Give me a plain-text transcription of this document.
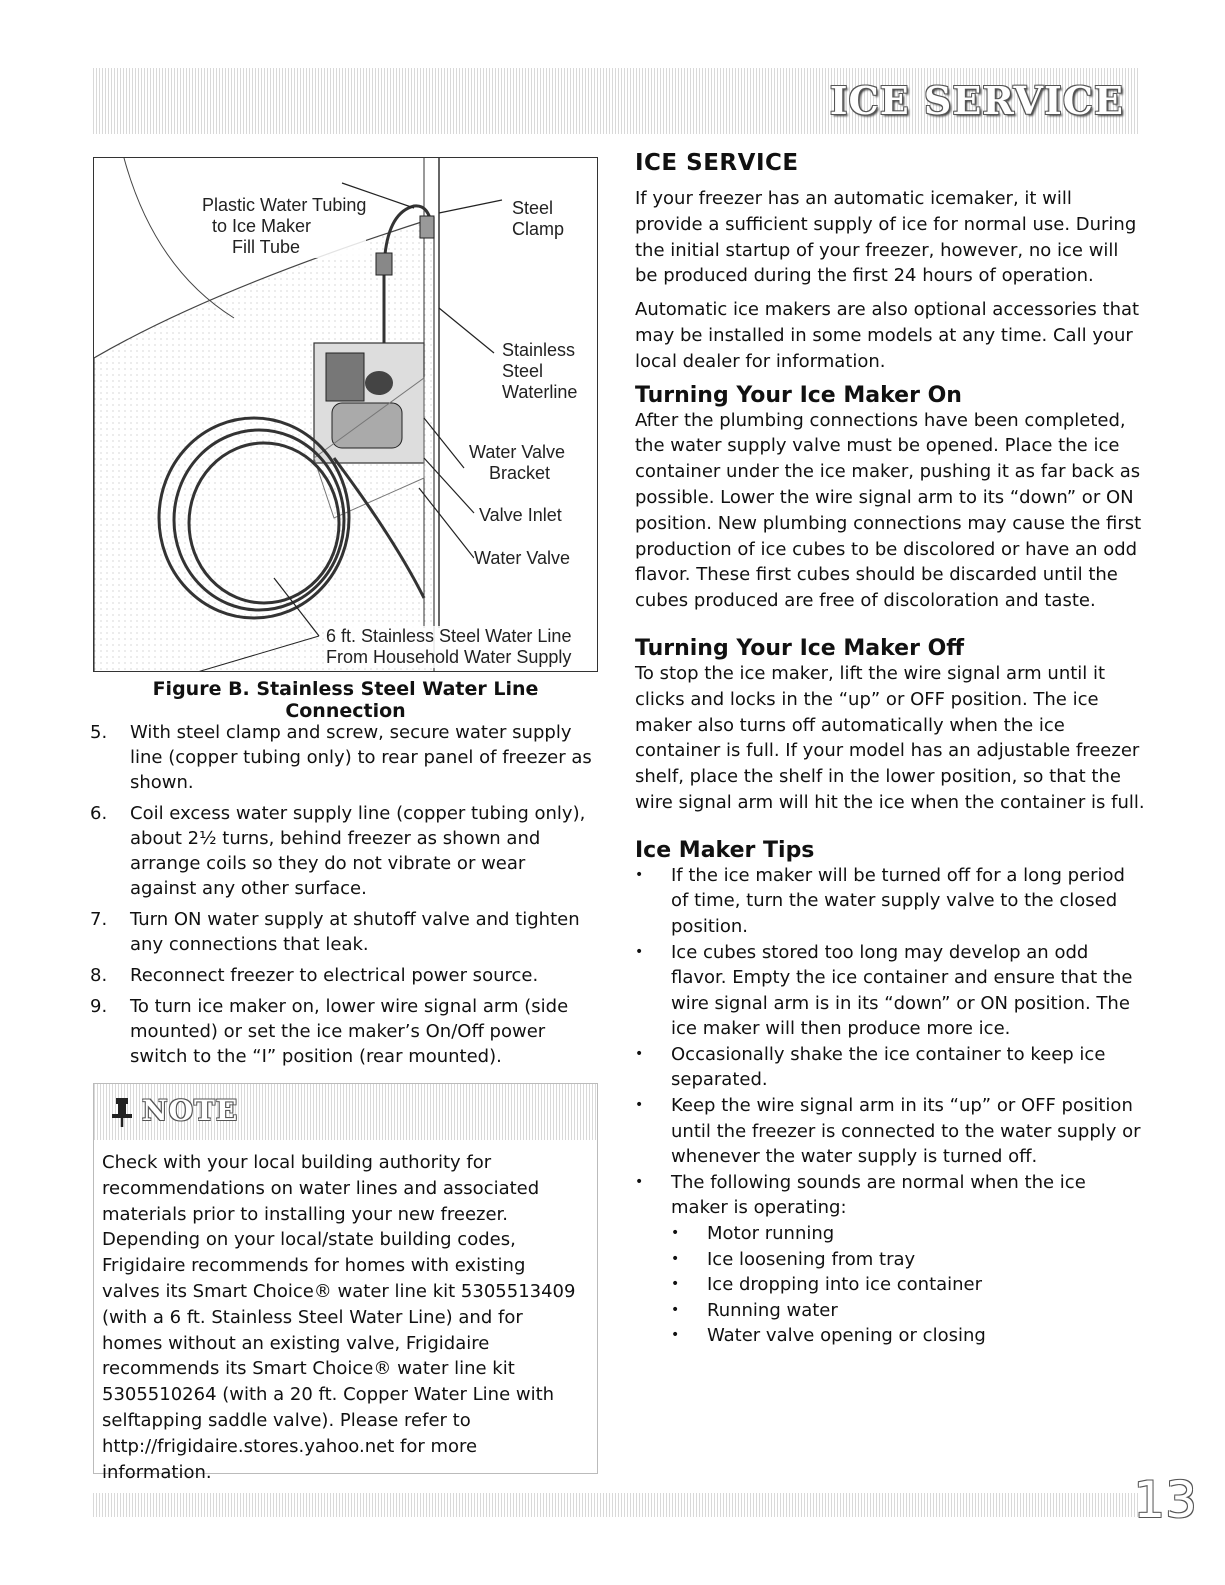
ICE SERVICE
Plastic Water Tubing
to Ice Maker
Fill Tube
Steel
Clamp
Stainless
Steel
Waterline
Water Valve
Bracket
Valve Inlet
Water Valve
6 ft. Stainless Steel Water Line
From Household Water Supply
Figure B. Stainless Steel Water Line Connection
5. With steel clamp and screw, secure water supply line (copper tubing only) to rear panel of freezer as shown.
6. Coil excess water supply line (copper tubing only), about 2½ turns, behind freezer as shown and arrange coils so they do not vibrate or wear against any other surface.
7. Turn ON water supply at shutoff valve and tighten any connections that leak.
8. Reconnect freezer to electrical power source.
9. To turn ice maker on, lower wire signal arm (side mounted) or set the ice maker’s On/Off power switch to the “I” position (rear mounted).
NOTE

Check with your local building authority for recommendations on water lines and associated materials prior to installing your new freezer. Depending on your local/state building codes, Frigidaire recommends for homes with existing valves its Smart Choice® water line kit 5305513409 (with a 6 ft. Stainless Steel Water Line) and for homes without an existing valve, Frigidaire recommends its Smart Choice® water line kit 5305510264 (with a 20 ft. Copper Water Line with selftapping saddle valve). Please refer to http://frigidaire.stores.yahoo.net for more information.

ICE SERVICE

If your freezer has an automatic icemaker, it will provide a sufficient supply of ice for normal use. During the initial startup of your freezer, however, no ice will be produced during the first 24 hours of operation.

Automatic ice makers are also optional accessories that may be installed in some models at any time. Call your local dealer for information.

Turning Your Ice Maker On

After the plumbing connections have been completed, the water supply valve must be opened. Place the ice container under the ice maker, pushing it as far back as possible. Lower the wire signal arm to its “down” or ON position. New plumbing connections may cause the first production of ice cubes to be discolored or have an odd flavor. These first cubes should be discarded until the cubes produced are free of discoloration and taste.

Turning Your Ice Maker Off

To stop the ice maker, lift the wire signal arm until it clicks and locks in the “up” or OFF position. The ice maker also turns off automatically when the ice container is full. If your model has an adjustable freezer shelf, place the shelf in the lower position, so that the wire signal arm will hit the ice when the container is full.

Ice Maker Tips
• If the ice maker will be turned off for a long period of time, turn the water supply valve to the closed position.
• Ice cubes stored too long may develop an odd flavor. Empty the ice container and ensure that the wire signal arm is in its “down” or ON position. The ice maker will then produce more ice.
• Occasionally shake the ice container to keep ice separated.
• Keep the wire signal arm in its “up” or OFF position until the freezer is connected to the water supply or whenever the water supply is turned off.
• The following sounds are normal when the ice maker is operating:
• Motor running
• Ice loosening from tray
• Ice dropping into ice container
• Running water
• Water valve opening or closing
13
